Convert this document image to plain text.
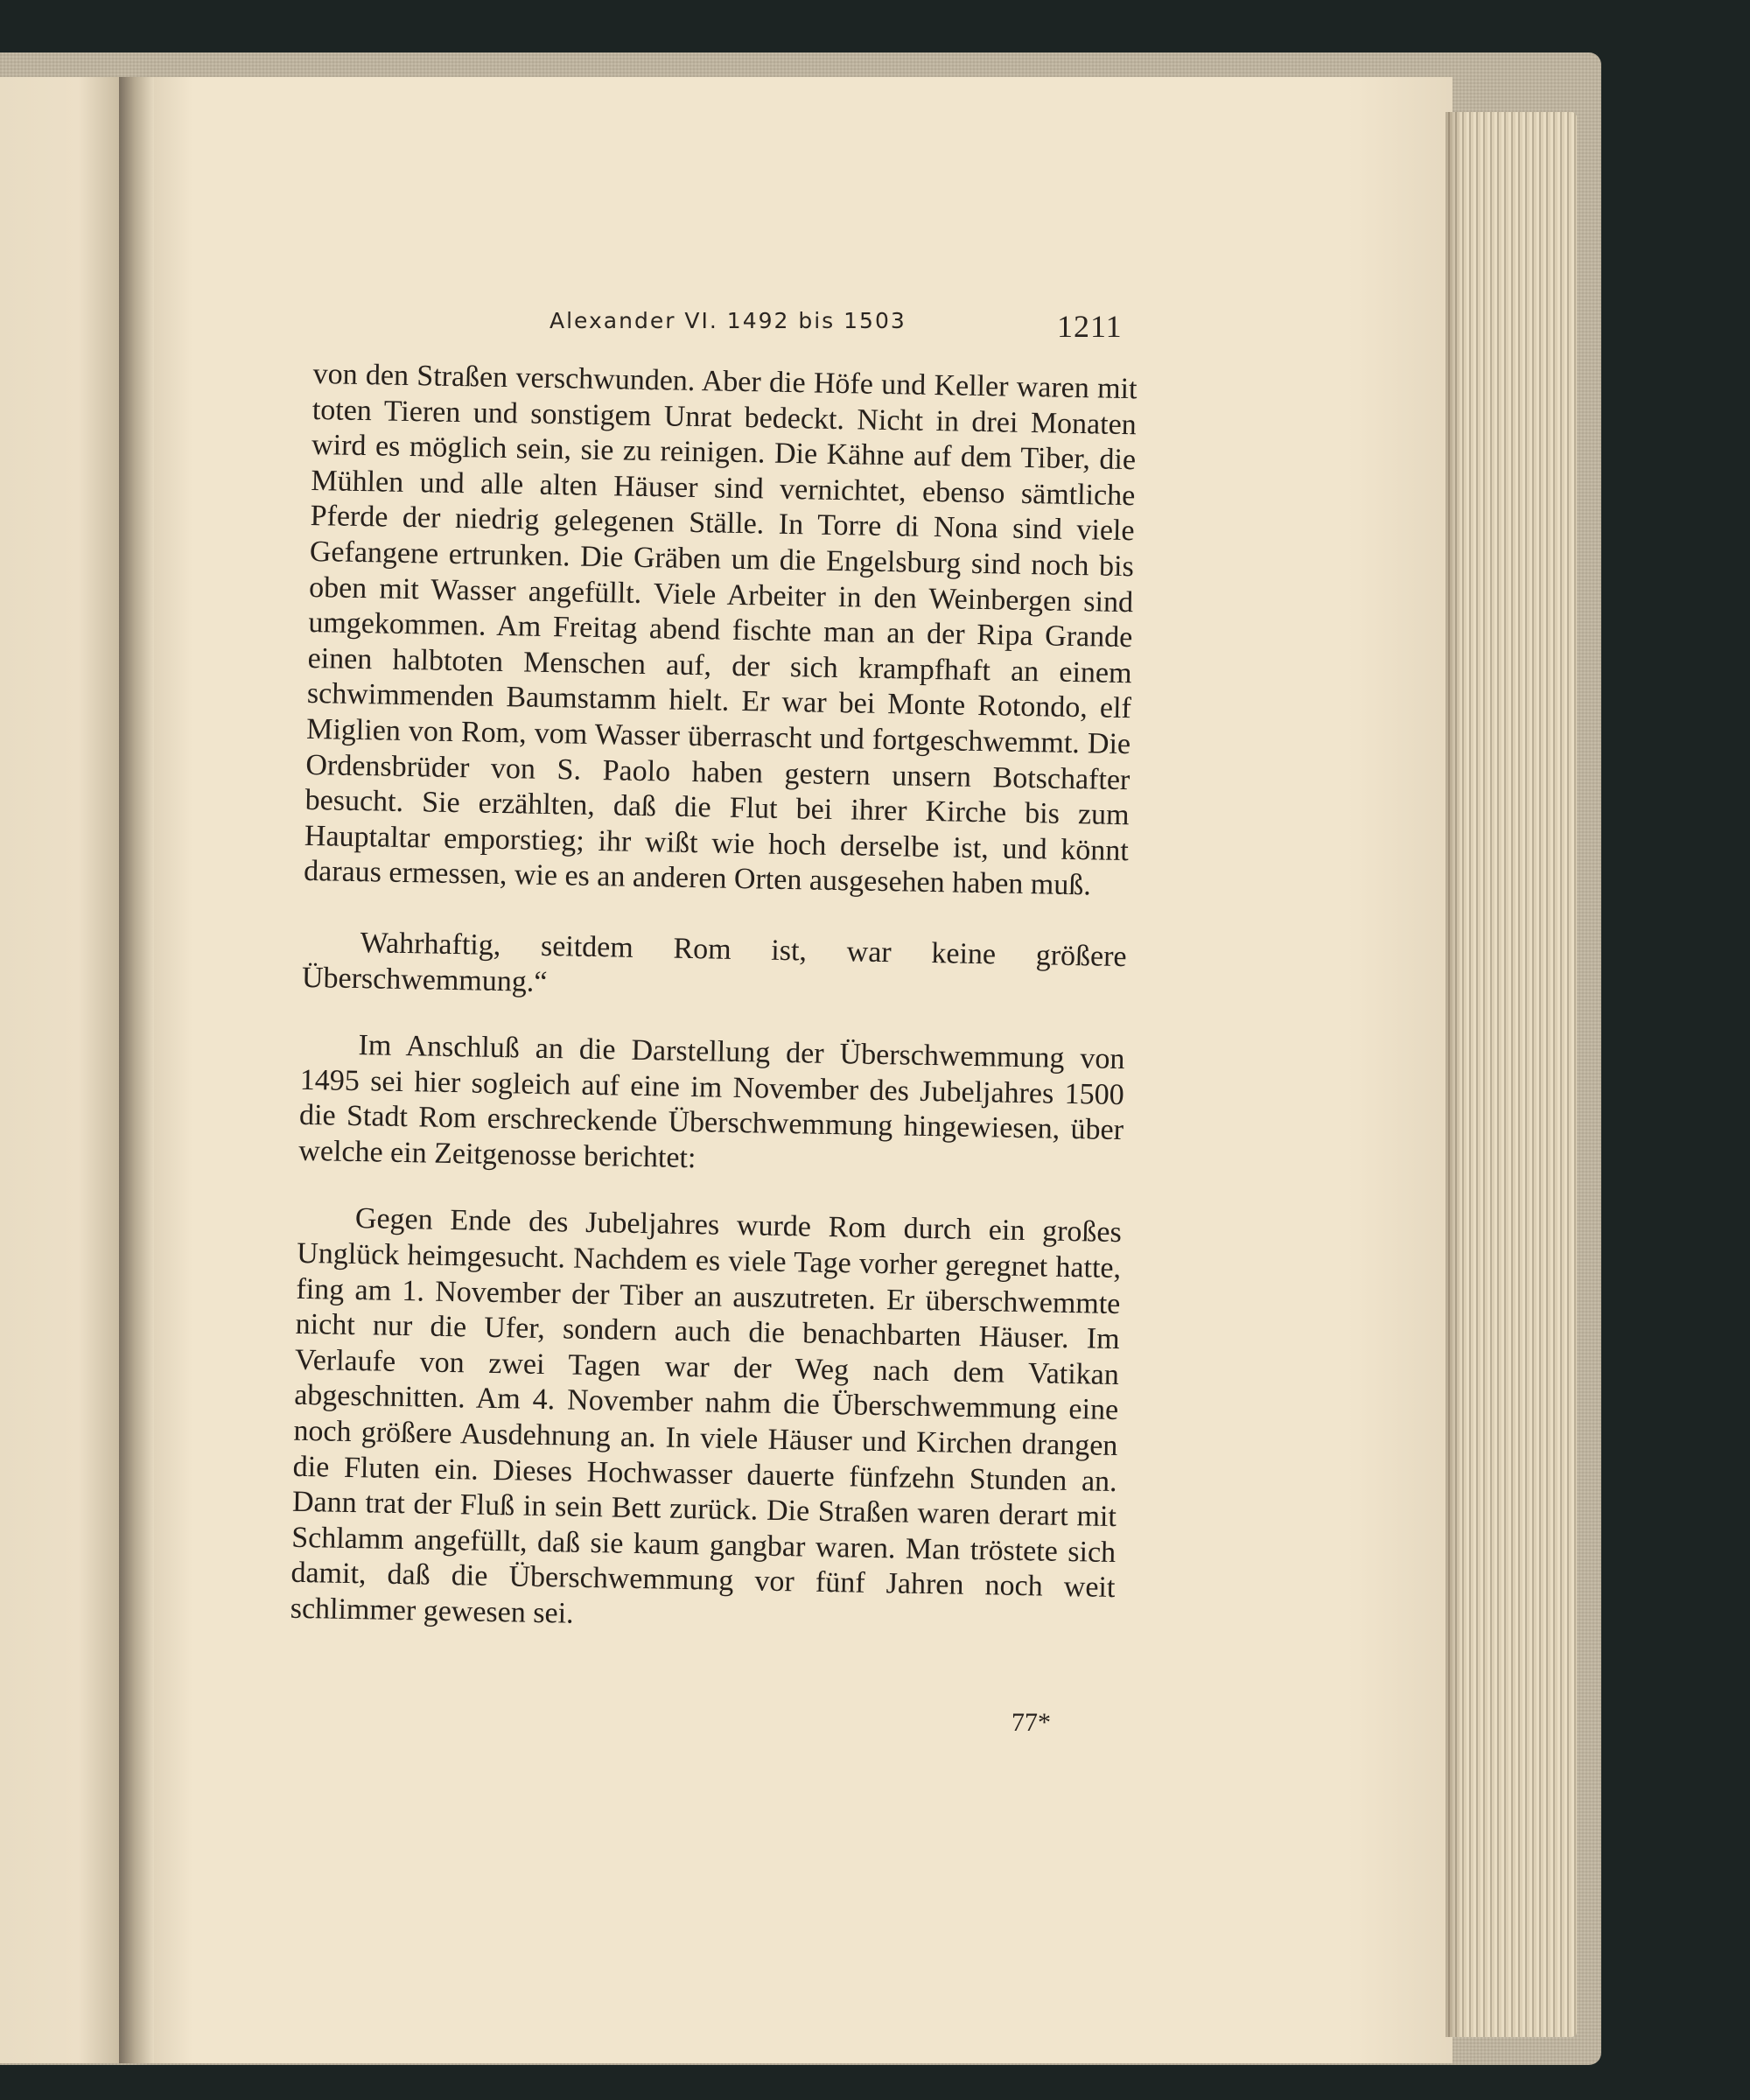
Alexander VI. 1492 bis 1503	1211

von den Straßen verschwunden. Aber die Höfe und Keller waren mit toten Tieren und sonstigem Unrat bedeckt. Nicht in drei Monaten wird es möglich sein, sie zu reinigen. Die Kähne auf dem Tiber, die Mühlen und alle alten Häuser sind vernichtet, ebenso sämtliche Pferde der niedrig gelegenen Ställe. In Torre di Nona sind viele Gefangene ertrunken. Die Gräben um die Engelsburg sind noch bis oben mit Wasser angefüllt. Viele Arbeiter in den Weinbergen sind umgekommen. Am Freitag abend fischte man an der Ripa Grande einen halbtoten Menschen auf, der sich krampfhaft an einem schwimmenden Baumstamm hielt. Er war bei Monte Rotondo, elf Miglien von Rom, vom Wasser überrascht und fortgeschwemmt. Die Ordensbrüder von S. Paolo haben gestern unsern Botschafter besucht. Sie erzählten, daß die Flut bei ihrer Kirche bis zum Hauptaltar emporstieg; ihr wißt wie hoch derselbe ist, und könnt daraus ermessen, wie es an anderen Orten ausgesehen haben muß.

Wahrhaftig, seitdem Rom ist, war keine größere Überschwemmung.“

Im Anschluß an die Darstellung der Überschwemmung von 1495 sei hier sogleich auf eine im November des Jubeljahres 1500 die Stadt Rom erschreckende Überschwemmung hingewiesen, über welche ein Zeitgenosse berichtet:

Gegen Ende des Jubeljahres wurde Rom durch ein großes Unglück heimgesucht. Nachdem es viele Tage vorher geregnet hatte, fing am 1. November der Tiber an auszutreten. Er überschwemmte nicht nur die Ufer, sondern auch die benachbarten Häuser. Im Verlaufe von zwei Tagen war der Weg nach dem Vatikan abgeschnitten. Am 4. November nahm die Überschwemmung eine noch größere Ausdehnung an. In viele Häuser und Kirchen drangen die Fluten ein. Dieses Hochwasser dauerte fünfzehn Stunden an. Dann trat der Fluß in sein Bett zurück. Die Straßen waren derart mit Schlamm angefüllt, daß sie kaum gangbar waren. Man tröstete sich damit, daß die Überschwemmung vor fünf Jahren noch weit schlimmer gewesen sei.

77*
